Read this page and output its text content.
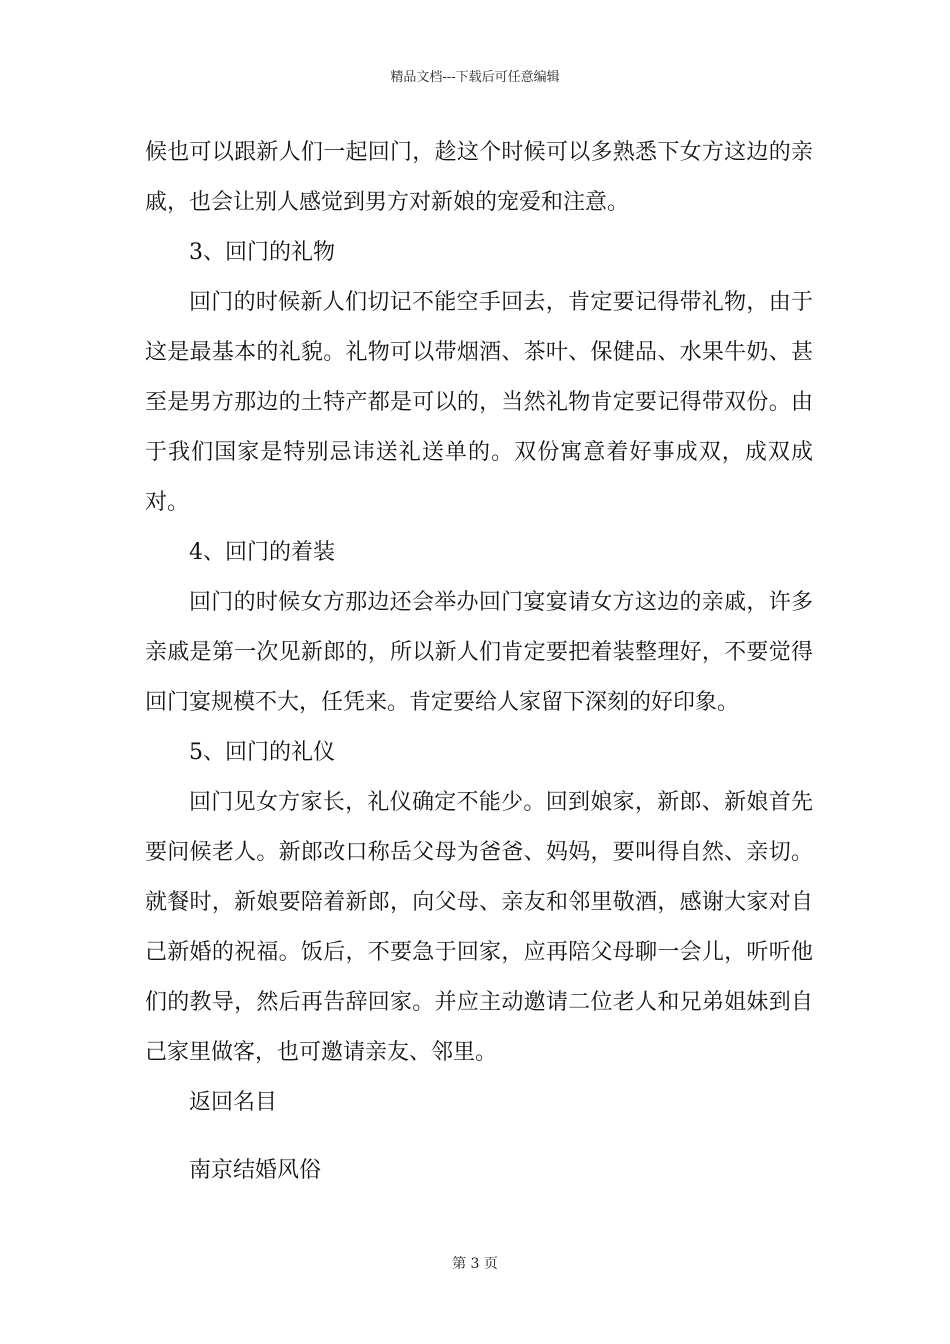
精品文档---下载后可任意编辑

候也可以跟新人们一起回门，趁这个时候可以多熟悉下女方这边的亲戚，也会让别人感觉到男方对新娘的宠爱和注意。

3、回门的礼物

回门的时候新人们切记不能空手回去，肯定要记得带礼物，由于这是最基本的礼貌。礼物可以带烟酒、茶叶、保健品、水果牛奶、甚至是男方那边的土特产都是可以的，当然礼物肯定要记得带双份。由于我们国家是特别忌讳送礼送单的。双份寓意着好事成双，成双成对。

4、回门的着装

回门的时候女方那边还会举办回门宴宴请女方这边的亲戚，许多亲戚是第一次见新郎的，所以新人们肯定要把着装整理好，不要觉得回门宴规模不大，任凭来。肯定要给人家留下深刻的好印象。

5、回门的礼仪

回门见女方家长，礼仪确定不能少。回到娘家，新郎、新娘首先要问候老人。新郎改口称岳父母为爸爸、妈妈，要叫得自然、亲切。就餐时，新娘要陪着新郎，向父母、亲友和邻里敬酒，感谢大家对自己新婚的祝福。饭后，不要急于回家，应再陪父母聊一会儿，听听他们的教导，然后再告辞回家。并应主动邀请二位老人和兄弟姐妹到自己家里做客，也可邀请亲友、邻里。

返回名目

南京结婚风俗

第 3 页
